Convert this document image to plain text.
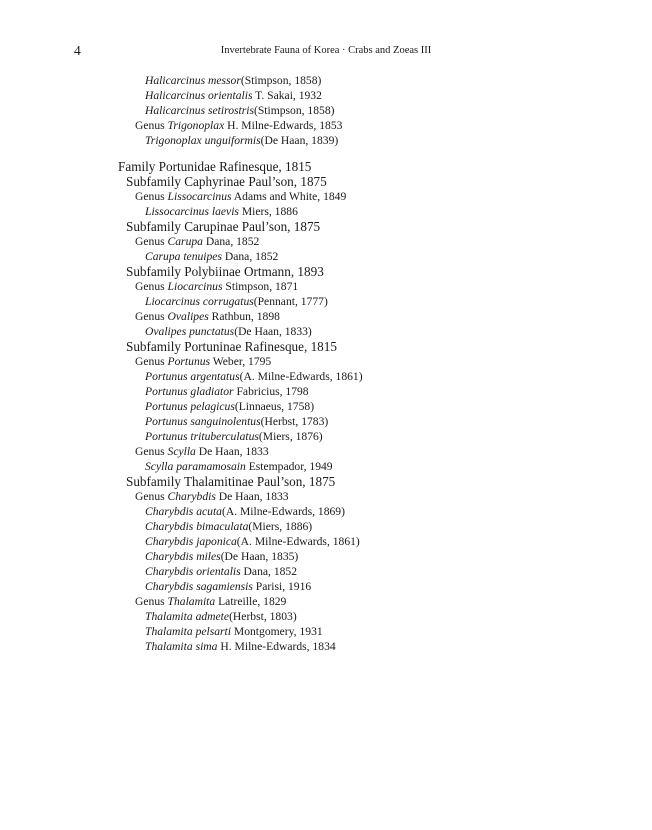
4	Invertebrate Fauna of Korea · Crabs and Zoeas III
Halicarcinus messor(Stimpson, 1858)
Halicarcinus orientalis T. Sakai, 1932
Halicarcinus setirostris(Stimpson, 1858)
Genus Trigonoplax H. Milne-Edwards, 1853
Trigonoplax unguiformis(De Haan, 1839)
Family Portunidae Rafinesque, 1815
Subfamily Caphyrinae Paul’son, 1875
Genus Lissocarcinus Adams and White, 1849
Lissocarcinus laevis Miers, 1886
Subfamily Carupinae Paul’son, 1875
Genus Carupa Dana, 1852
Carupa tenuipes Dana, 1852
Subfamily Polybiinae Ortmann, 1893
Genus Liocarcinus Stimpson, 1871
Liocarcinus corrugatus(Pennant, 1777)
Genus Ovalipes Rathbun, 1898
Ovalipes punctatus(De Haan, 1833)
Subfamily Portuninae Rafinesque, 1815
Genus Portunus Weber, 1795
Portunus argentatus(A. Milne-Edwards, 1861)
Portunus gladiator Fabricius, 1798
Portunus pelagicus(Linnaeus, 1758)
Portunus sanguinolentus(Herbst, 1783)
Portunus trituberculatus(Miers, 1876)
Genus Scylla De Haan, 1833
Scylla paramamosain Estempador, 1949
Subfamily Thalamitinae Paul’son, 1875
Genus Charybdis De Haan, 1833
Charybdis acuta(A. Milne-Edwards, 1869)
Charybdis bimaculata(Miers, 1886)
Charybdis japonica(A. Milne-Edwards, 1861)
Charybdis miles(De Haan, 1835)
Charybdis orientalis Dana, 1852
Charybdis sagamiensis Parisi, 1916
Genus Thalamita Latreille, 1829
Thalamita admete(Herbst, 1803)
Thalamita pelsarti Montgomery, 1931
Thalamita sima H. Milne-Edwards, 1834
